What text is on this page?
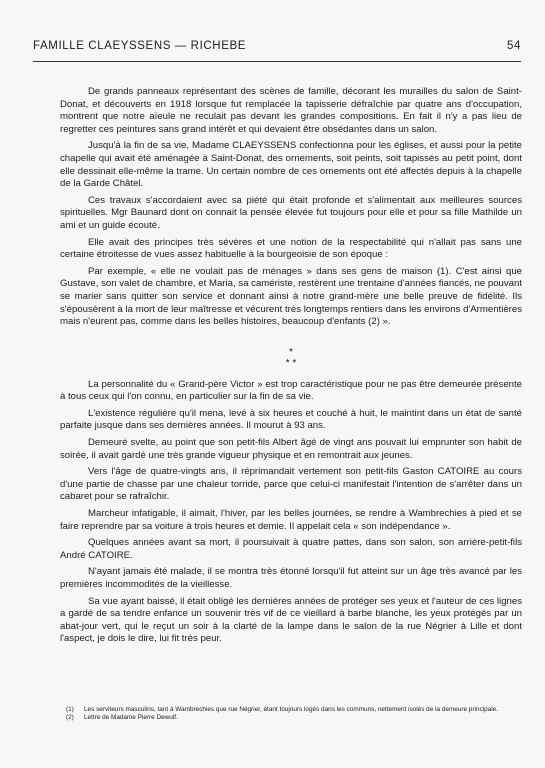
FAMILLE CLAEYSSENS — RICHEBE	54

De grands panneaux représentant des scènes de famille, décorant les murailles du salon de Saint-Donat, et découverts en 1918 lorsque fut remplacée la tapisserie défraîchie par quatre ans d'occupation, montrent que notre aïeule ne reculait pas devant les grandes compositions. En fait il n'y a pas lieu de regretter ces peintures sans grand intérêt et qui devaient être obsédantes dans un salon.

Jusqu'à la fin de sa vie, Madame CLAEYSSENS confectionna pour les églises, et aussi pour la petite chapelle qui avait été aménagée à Saint-Donat, des ornements, soit peints, soit tapissés au petit point, dont elle dessinait elle-même la trame. Un certain nombre de ces ornements ont été affectés depuis à la chapelle de la Garde Châtel.

Ces travaux s'accordaient avec sa piété qui était profonde et s'alimentait aux meilleures sources spirituelles. Mgr Baunard dont on connait la pensée élevée fut toujours pour elle et pour sa fille Mathilde un ami et un guide écouté.

Elle avait des principes très sévères et une notion de la respectabilité qui n'allait pas sans une certaine étroitesse de vues assez habituelle à la bourgeoisie de son époque :

Par exemple, « elle ne voulait pas de ménages » dans ses gens de maison (1). C'est ainsi que Gustave, son valet de chambre, et Maria, sa caméristе, restèrent une trentaine d'années fiancés, ne pouvant se marier sans quitter son service et donnant ainsi à notre grand-mère une belle preuve de fidélité. Ils s'épousèrent à la mort de leur maîtresse et vécurent très longtemps rentiers dans les environs d'Armentières mais n'eurent pas, comme dans les belles histoires, beaucoup d'enfants (2) ».

*
* *

La personnalité du « Grand-père Victor » est trop caractéristique pour ne pas être demeurée présente à tous ceux qui l'on connu, en particulier sur la fin de sa vie.

L'existence régulière qu'il mena, levé à six heures et couché à huit, le maintint dans un état de santé parfaite jusque dans ses dernières années. Il mourut à 93 ans.

Demeuré svelte, au point que son petit-fils Albert âgé de vingt ans pouvait lui emprunter son habit de soirée, il avait gardé une très grande vigueur physique et en remontrait aux jeunes.

Vers l'âge de quatre-vingts ans, il réprimandait vertement son petit-fils Gaston CATOIRE au cours d'une partie de chasse par une chaleur torride, parce que celui-ci manifestait l'intention de s'arrêter dans un cabaret pour se rafraîchir.

Marcheur infatigable, il aimait, l'hiver, par les belles journées, se rendre à Wambrechies à pied et se faire reprendre par sa voiture à trois heures et demie. Il appelait cela « son indépendance ».

Quelques années avant sa mort, il poursuivait à quatre pattes, dans son salon, son arrière-petit-fils André CATOIRE.

N'ayant jamais été malade, il se montra très étonné lorsqu'il fut atteint sur un âge très avancé par les premières incommodités de la vieillesse.

Sa vue ayant baissé, il était obligé les dernières années de protéger ses yeux et l'auteur de ces lignes a gardé de sa tendre enfance un souvenir très vif de ce vieillard à barbe blanche, les yeux protégés par un abat-jour vert, qui le reçut un soir à la clarté de la lampe dans le salon de la rue Négrier à Lille et dont l'aspect, je dois le dire, lui fit très peur.

(1)	Les serviteurs masculins, tant à Wambrechies que rue Négrier, étant toujours logés dans les communs, nettement isolés de la demeure principale.
(2)	Lettre de Madame Pierre Dewulf.
